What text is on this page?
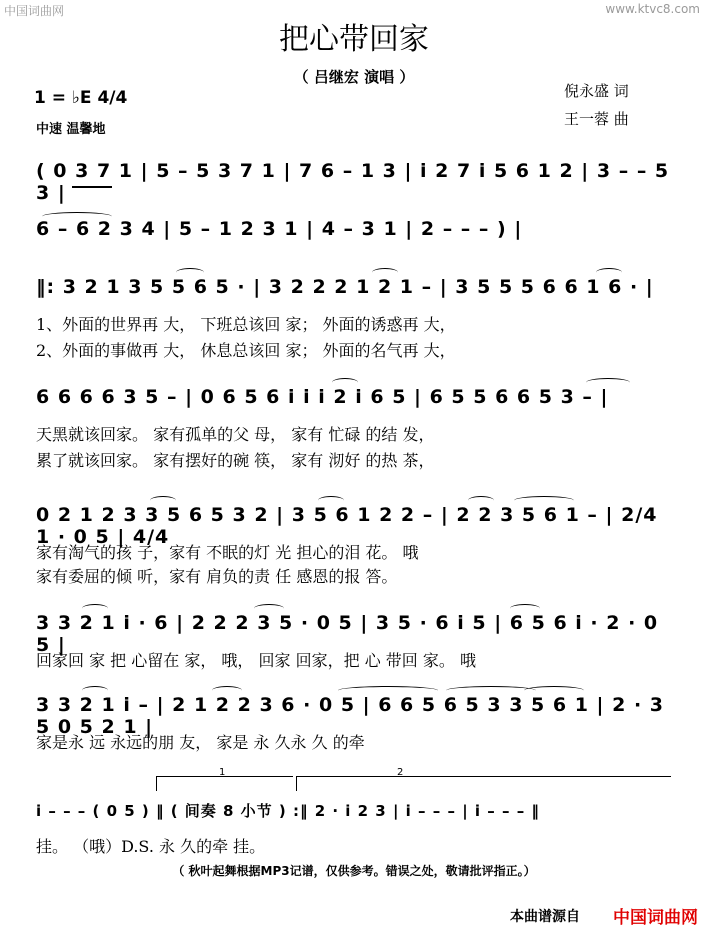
中国词曲网	www.ktvc8.com
把心带回家
（ 吕继宏 演唱 ）
1 = ♭E 4/4
中速 温馨地
倪永盛 词
王一蓉 曲
( 0 3 7 1 | 5 – 5 3 7 1 | 7 6 – 1 3 | i 2 7 i 5 6 1 2 | 3 – – 5 3 |
6 – 6 2 3 4 | 5 – 1 2 3 1 | 4 – 3 1 | 2 – – – ) |
‖: 3 2 1 3 5 5 6 5 · | 3 2 2 2 1 2 1 – | 3 5 5 5 6 6 1 6 · |
1、外面的世界再 大， 下班总该回 家； 外面的诱惑再 大，
2、外面的事做再 大， 休息总该回 家； 外面的名气再 大，
6 6 6 6 3 5 – | 0 6 5 6 i i i 2 i 6 5 | 6 5 5 6 6 5 3 – |
天黑就该回家。 家有孤单的父 母， 家有 忙碌 的结 发，
累了就该回家。 家有摆好的碗 筷， 家有 沏好 的热 茶，
0 2 1 2 3 3 5 6 5 3 2 | 3 5 6 1 2 2 – | 2 2 3 5 6 1 – | 2/4 1 · 0 5 | 4/4
家有淘气的孩 子，家有 不眠的灯 光 担心的泪 花。 哦
家有委屈的倾 听，家有 肩负的责 任 感恩的报 答。
3 3 2 1 i · 6 | 2 2 2 3 5 · 0 5 | 3 5 · 6 i 5 | 6 5 6 i · 2 · 0 5 |
回家回 家 把 心留在 家， 哦， 回家 回家，把 心 带回 家。 哦
3 3 2 1 i – | 2 1 2 2 3 6 · 0 5 | 6 6 5 6 5 3 3 5 6 1 | 2 · 3 5 0 5 2 1 |
家是永 远 永远的朋 友， 家是 永 久永 久 的牵
1	2
i – – – ( 0 5 ) ‖ ( 间奏 8 小节 ) :‖ 2 · i 2 3 | i – – – | i – – – ‖
挂。 （哦）D.S. 永 久的牵 挂。
（ 秋叶起舞根据MP3记谱，仅供参考。错误之处，敬请批评指正。）
本曲谱源自 中国词曲网
